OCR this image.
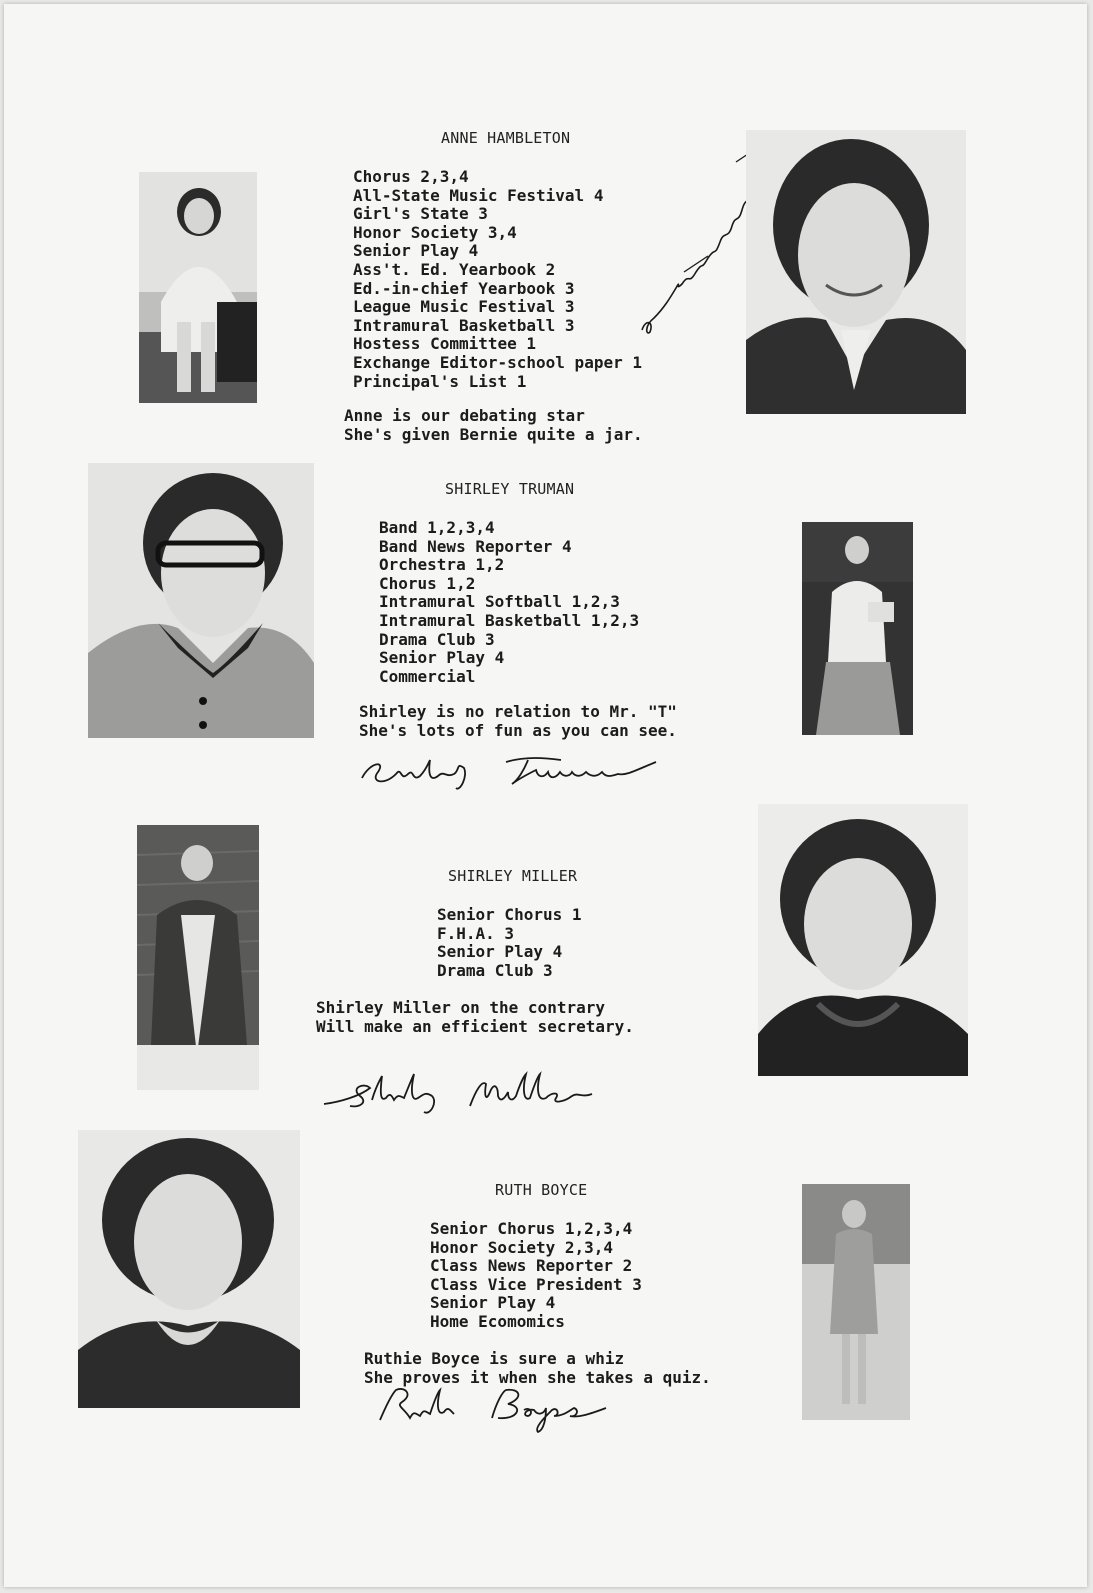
ANNE HAMBLETON
Chorus 2,3,4
All-State Music Festival 4
Girl's State 3
Honor Society 3,4
Senior Play 4
Ass't. Ed. Yearbook 2
Ed.-in-chief Yearbook 3
League Music Festival 3
Intramural Basketball 3
Hostess Committee 1
Exchange Editor-school paper 1
Principal's List 1
Anne is our debating star
She's given Bernie quite a jar.
SHIRLEY TRUMAN
Band 1,2,3,4
Band News Reporter 4
Orchestra 1,2
Chorus 1,2
Intramural Softball 1,2,3
Intramural Basketball 1,2,3
Drama Club 3
Senior Play 4
Commercial
Shirley is no relation to Mr. "T"
She's lots of fun as you can see.
SHIRLEY MILLER
Senior Chorus 1
F.H.A. 3
Senior Play 4
Drama Club 3
Shirley Miller on the contrary
Will make an efficient secretary.
RUTH BOYCE
Senior Chorus 1,2,3,4
Honor Society 2,3,4
Class News Reporter 2
Class Vice President 3
Senior Play 4
Home Ecomomics
Ruthie Boyce is sure a whiz
She proves it when she takes a quiz.
